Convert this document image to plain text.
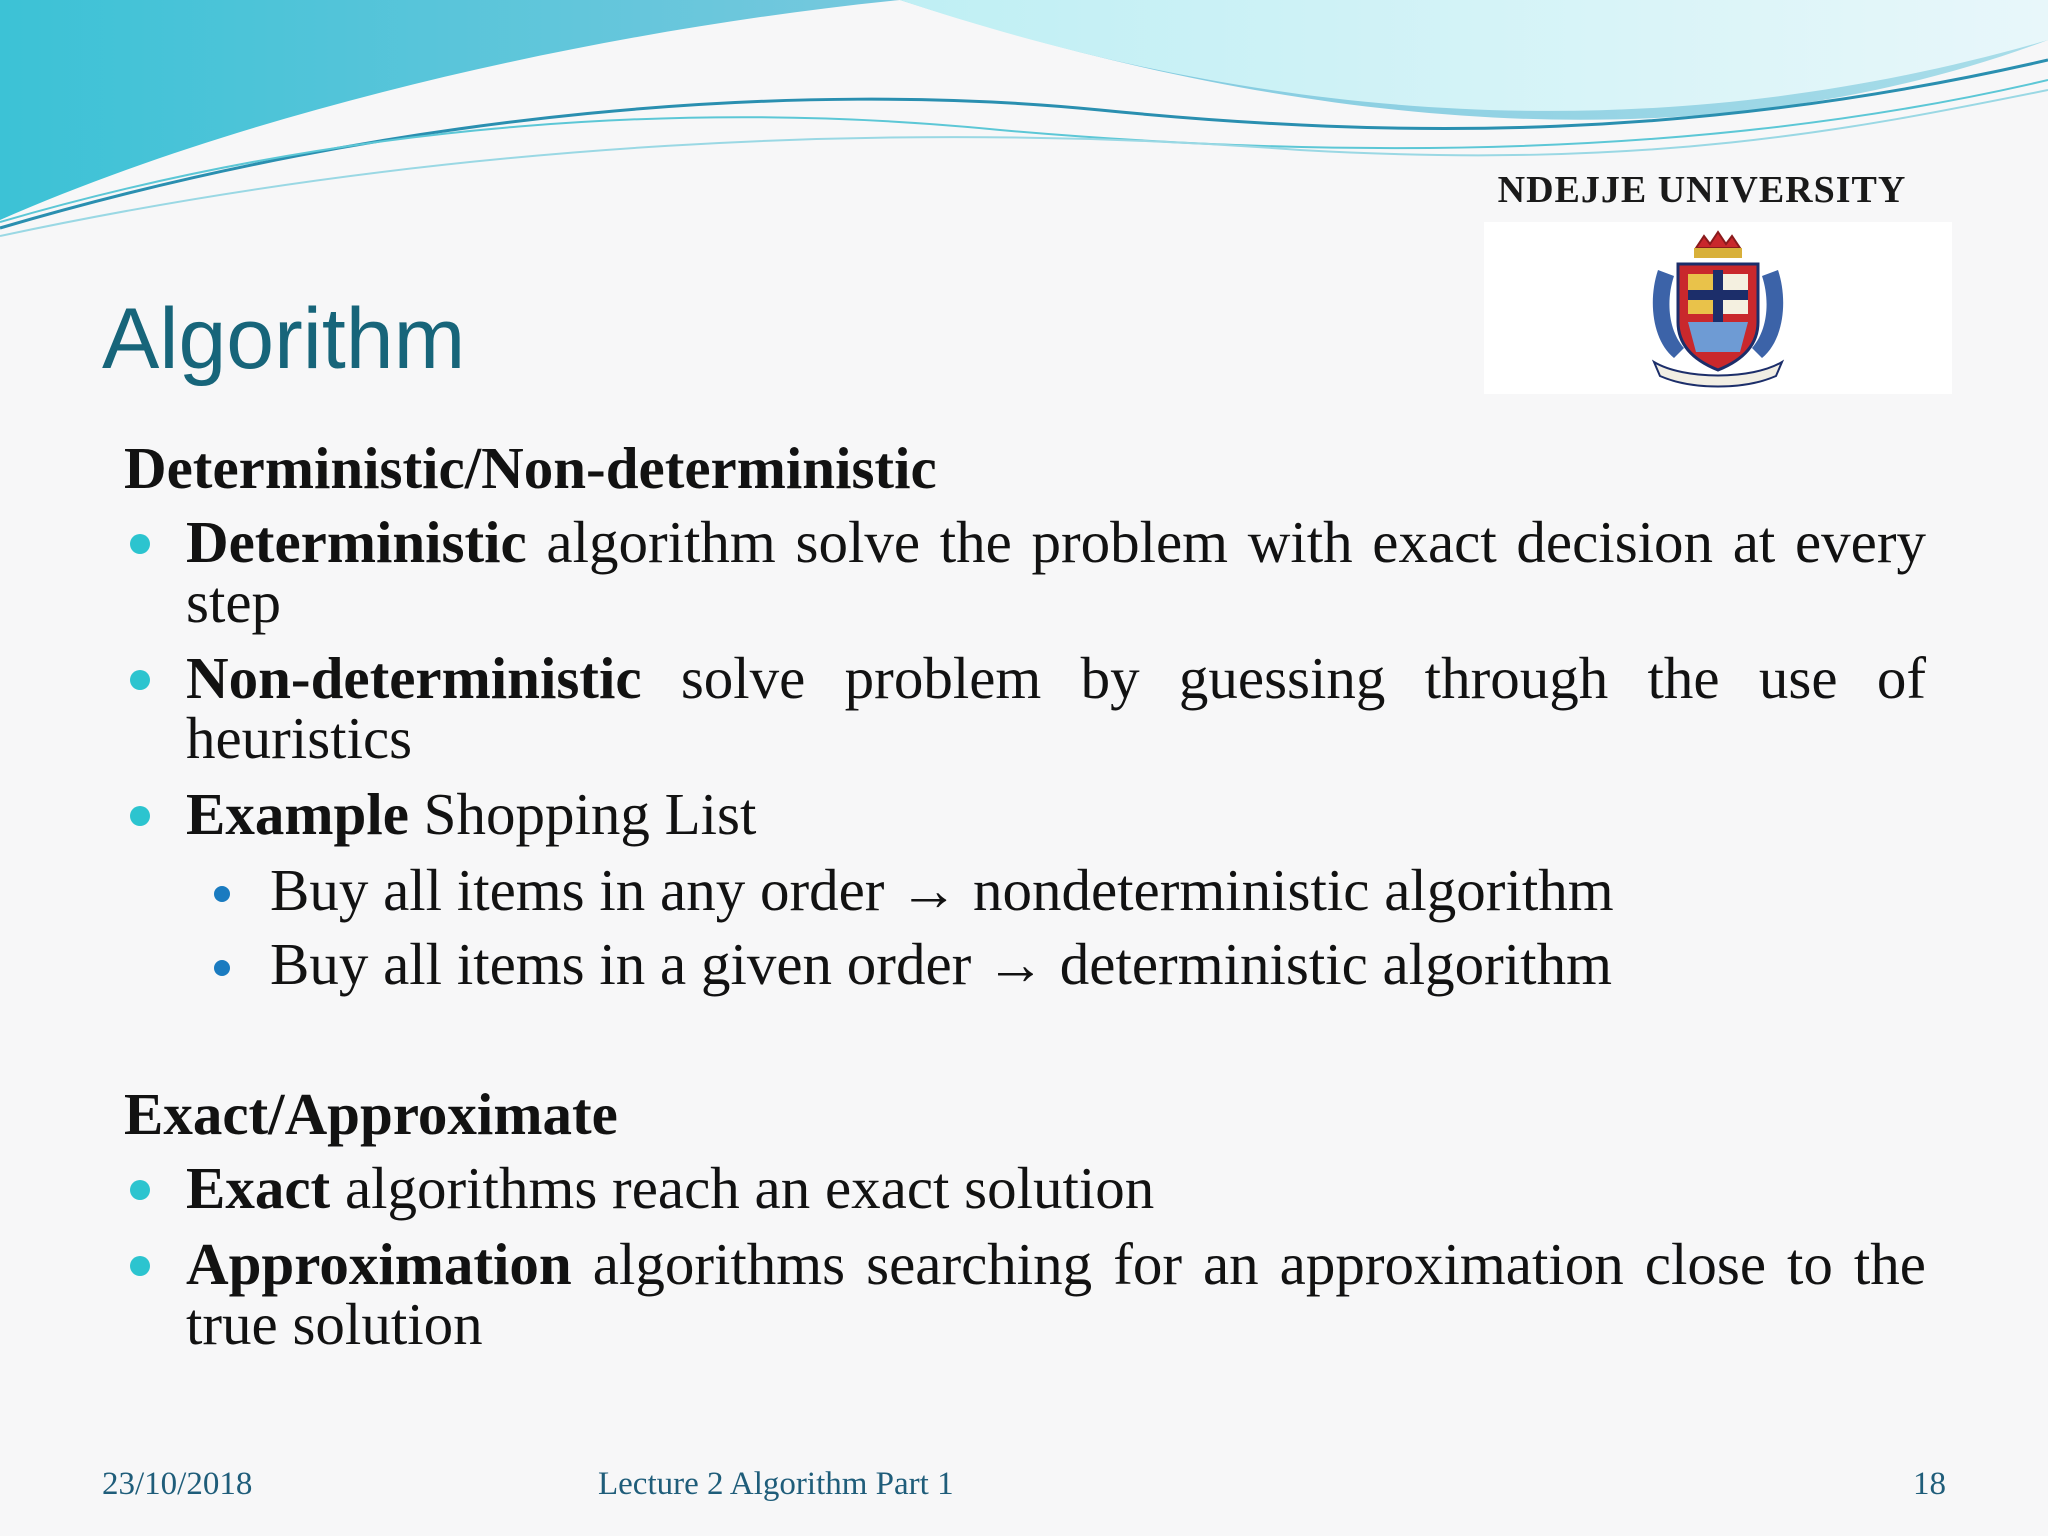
NDEJJE UNIVERSITY
Algorithm
Deterministic/Non-deterministic
Deterministic algorithm solve the problem with exact decision at every step
Non-deterministic solve problem by guessing through the use of heuristics
Example Shopping List
Buy all items in any order → nondeterministic algorithm
Buy all items in a given order → deterministic algorithm
Exact/Approximate
Exact algorithms reach an exact solution
Approximation algorithms searching for an approximation close to the true solution
23/10/2018	Lecture 2 Algorithm Part 1	18
